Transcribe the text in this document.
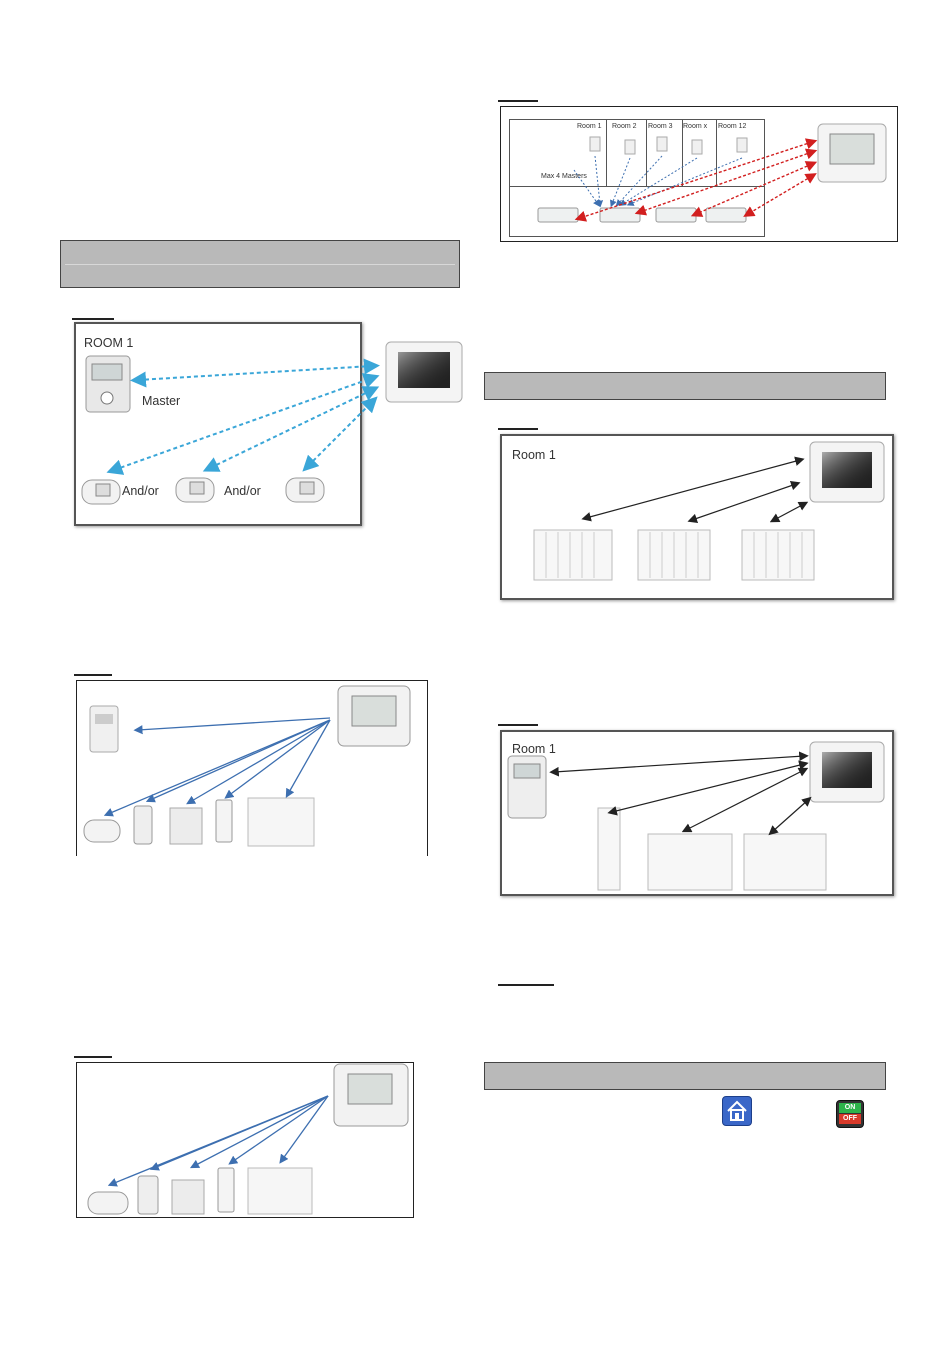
ROOM 1
Master
And/or	And/or
Room 1 Room 2 Room 3 Room x Room 12
Max 4 Masters
Room 1
Room 1
ON
OFF
